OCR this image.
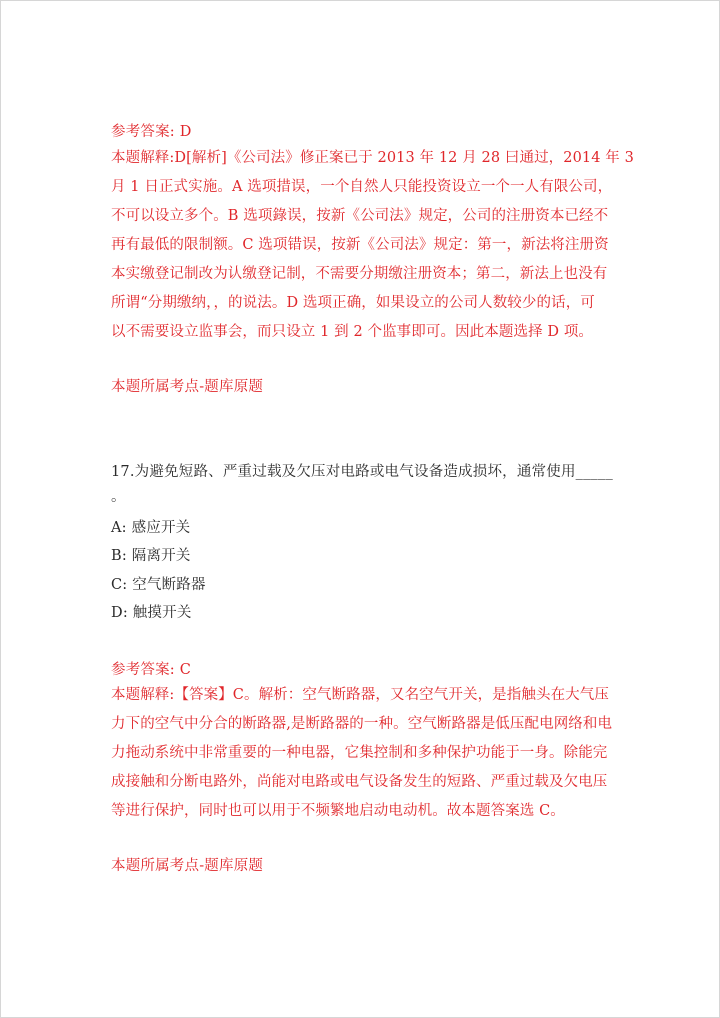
参考答案: D
本题解释:D[解析]《公司法》修正案已于 2013 年 12 月 28 曰通过，2014 年 3
月 1 日正式实施。A 选项措误，一个自然人只能投资设立一个一人有限公司，
不可以设立多个。B 选项錄误，按新《公司法》规定，公司的注册资本已经不
再有最低的限制额。C 选项错误，按新《公司法》规定：第一，新法将注册资
本实缴登记制改为认缴登记制，不需要分期缴注册资本；第二，新法上也没有
所谓“分期缴纳，，的说法。D 选项正确，如果设立的公司人数较少的话，可
以不需要设立监事会，而只设立 1 到 2 个监事即可。因此本题选择 D 项。
本题所属考点-题库原题
17.为避免短路、严重过载及欠压对电路或电气设备造成损坏，通常使用_____
。
A: 感应开关
B: 隔离开关
C: 空气断路器
D: 触摸开关
参考答案: C
本题解释:【答案】C。解析：空气断路器，又名空气开关，是指触头在大气压
力下的空气中分合的断路器,是断路器的一种。空气断路器是低压配电网络和电
力拖动系统中非常重要的一种电器，它集控制和多种保护功能于一身。除能完
成接触和分断电路外，尚能对电路或电气设备发生的短路、严重过载及欠电压
等进行保护，同时也可以用于不频繁地启动电动机。故本题答案选 C。
本题所属考点-题库原题
